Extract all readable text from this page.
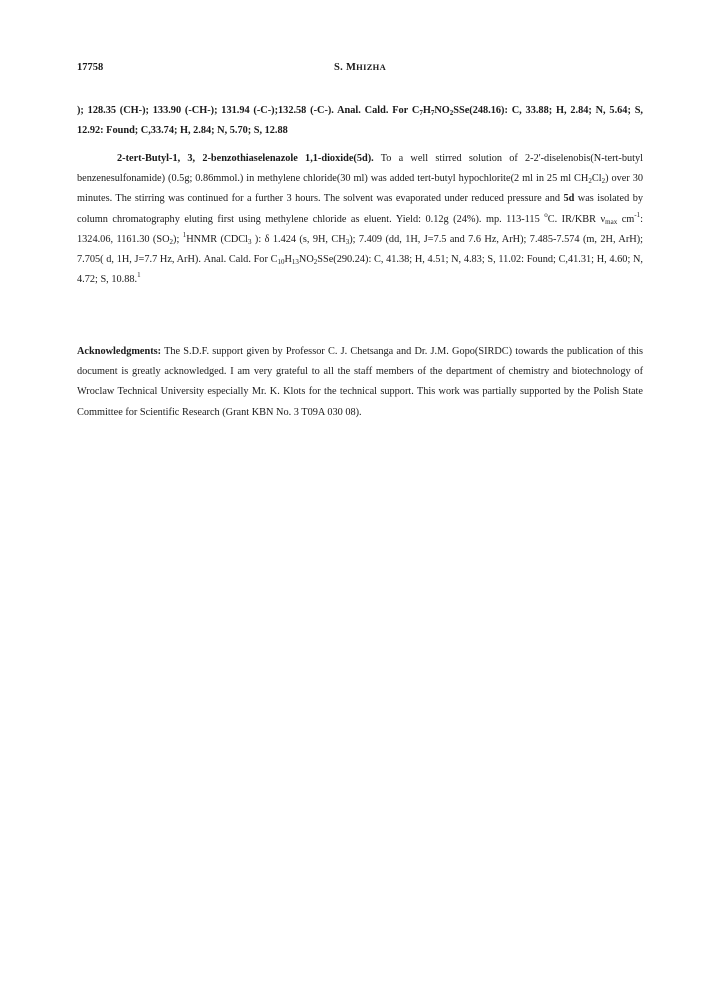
17758	S. MHIZHA
); 128.35 (CH-); 133.90 (-CH-); 131.94 (-C-);132.58 (-C-). Anal. Cald. For $C_7H_7NO_2SSe(248.16)$: C, 33.88; H, 2.84; N, 5.64; S, 12.92: Found; C,33.74; H, 2.84; N, 5.70; S, 12.88
2-tert-Butyl-1, 3, 2-benzothiaselenazole 1,1-dioxide(5d). To a well stirred solution of 2-2'-diselenobis(N-tert-butyl benzenesulfonamide) (0.5g; 0.86mmol.) in methylene chloride(30 ml) was added tert-butyl hypochlorite(2 ml in 25 ml $CH_2Cl_2$) over 30 minutes. The stirring was continued for a further 3 hours. The solvent was evaporated under reduced pressure and 5d was isolated by column chromatography eluting first using methylene chloride as eluent. Yield: 0.12g (24%). mp. 113-115 $^o$C. IR/KBR $\nu_{max}$ $cm^{-1}$: 1324.06, 1161.30 $(SO_2)$; $^1$HNMR (CDCl$_3$ ): δ 1.424 (s, 9H, $CH_3$); 7.409 (dd, 1H, J=7.5 and 7.6 Hz, ArH); 7.485-7.574 (m, 2H, ArH); 7.705( d, 1H, J=7.7 Hz, ArH). Anal. Cald. For $C_{10}H_{13}NO_2SSe(290.24)$: C, 41.38; H, 4.51; N, 4.83; S, 11.02: Found; C,41.31; H, 4.60; N, 4.72; S, 10.88.$^1$
Acknowledgments: The S.D.F. support given by Professor C. J. Chetsanga and Dr. J.M. Gopo(SIRDC) towards the publication of this document is greatly acknowledged. I am very grateful to all the staff members of the department of chemistry and biotechnology of Wroclaw Technical University especially Mr. K. Klots for the technical support. This work was partially supported by the Polish State Committee for Scientific Research (Grant KBN No. 3 T09A 030 08).
